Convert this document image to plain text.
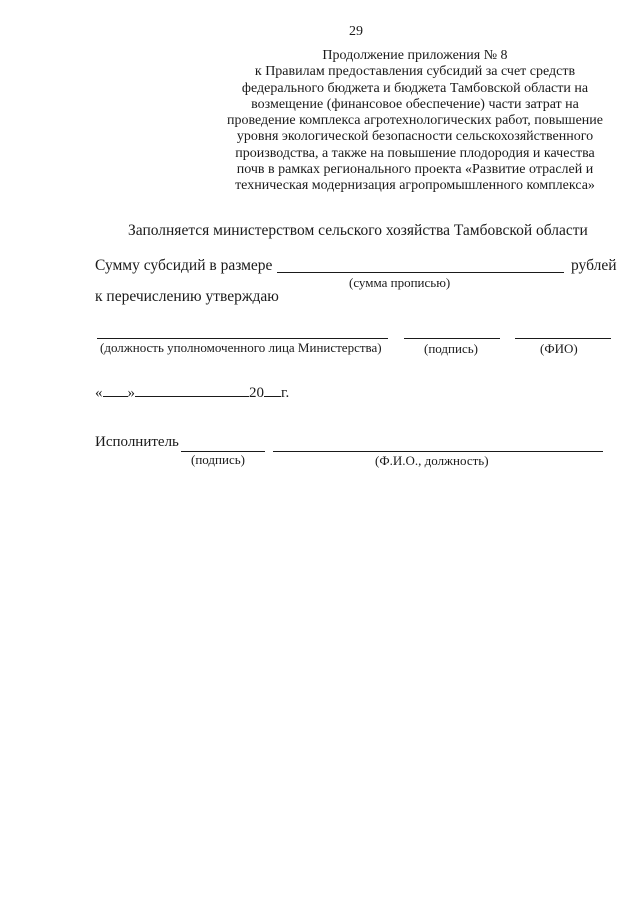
29
Продолжение приложения № 8
к Правилам предоставления субсидий за счет средств
федерального бюджета и бюджета Тамбовской области на
возмещение (финансовое обеспечение) части затрат на
проведение комплекса агротехнологических работ, повышение
уровня экологической безопасности сельскохозяйственного
производства, а также на повышение плодородия и качества
почв в рамках регионального проекта «Развитие отраслей и
техническая модернизация агропромышленного комплекса»
Заполняется министерством сельского хозяйства Тамбовской области
Сумму субсидий в размере	рублей
(сумма прописью)
к перечислению утверждаю
(должность уполномоченного лица Министерства)	(подпись)	(ФИО)
« »	20 г.
Исполнитель
(подпись)	(Ф.И.О., должность)
